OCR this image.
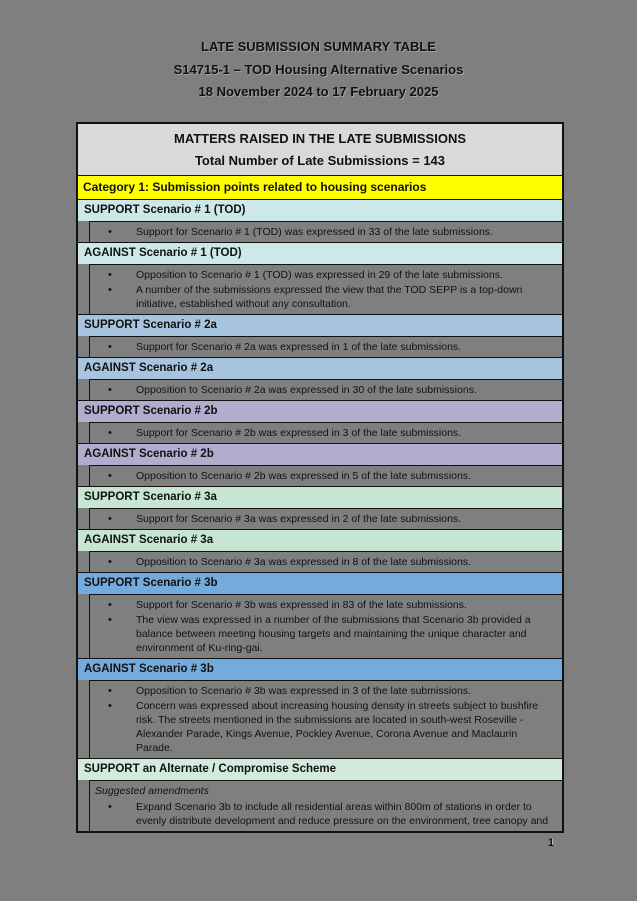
LATE SUBMISSION SUMMARY TABLE
S14715-1 – TOD Housing Alternative Scenarios
18 November 2024 to 17 February 2025
MATTERS RAISED IN THE LATE SUBMISSIONS
Total Number of Late Submissions = 143
Category 1: Submission points related to housing scenarios
SUPPORT Scenario # 1 (TOD)
• Support for Scenario # 1 (TOD) was expressed in 33 of the late submissions.
AGAINST Scenario # 1 (TOD)
• Opposition to Scenario # 1 (TOD) was expressed in 29 of the late submissions.
• A number of the submissions expressed the view that the TOD SEPP is a top-down initiative, established without any consultation.
SUPPORT Scenario # 2a
• Support for Scenario # 2a was expressed in 1 of the late submissions.
AGAINST Scenario # 2a
• Opposition to Scenario # 2a was expressed in 30 of the late submissions.
SUPPORT Scenario # 2b
• Support for Scenario # 2b was expressed in 3 of the late submissions.
AGAINST Scenario # 2b
• Opposition to Scenario # 2b was expressed in 5 of the late submissions.
SUPPORT Scenario # 3a
• Support for Scenario # 3a was expressed in 2 of the late submissions.
AGAINST Scenario # 3a
• Opposition to Scenario # 3a was expressed in 8 of the late submissions.
SUPPORT Scenario # 3b
• Support for Scenario # 3b was expressed in 83 of the late submissions.
• The view was expressed in a number of the submissions that Scenario 3b provided a balance between meeting housing targets and maintaining the unique character and environment of Ku-ring-gai.
AGAINST Scenario # 3b
• Opposition to Scenario # 3b was expressed in 3 of the late submissions.
• Concern was expressed about increasing housing density in streets subject to bushfire risk. The streets mentioned in the submissions are located in south-west Roseville - Alexander Parade, Kings Avenue, Pockley Avenue, Corona Avenue and Maclaurin Parade.
SUPPORT an Alternate / Compromise Scheme
Suggested amendments
• Expand Scenario 3b to include all residential areas within 800m of stations in order to evenly distribute development and reduce pressure on the environment, tree canopy and
1
